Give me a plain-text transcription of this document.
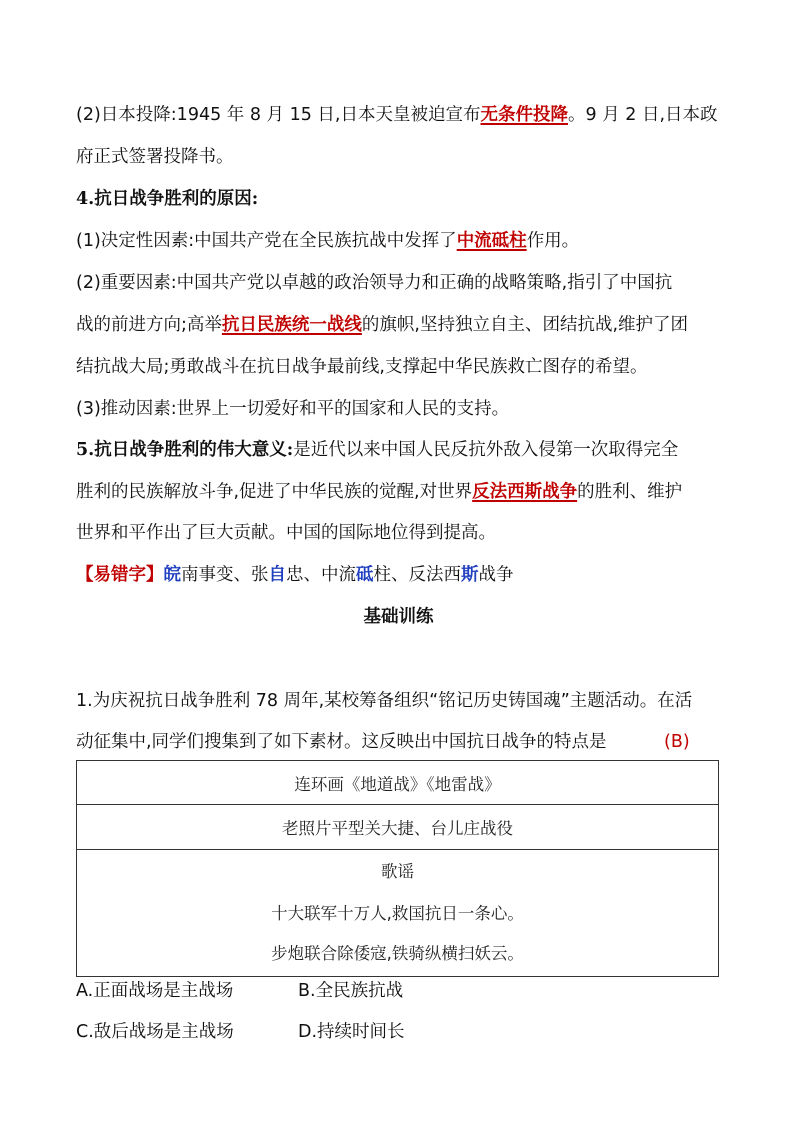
(2)日本投降:1945 年 8 月 15 日,日本天皇被迫宣布无条件投降。9 月 2 日,日本政
府正式签署投降书。
4.抗日战争胜利的原因:
(1)决定性因素:中国共产党在全民族抗战中发挥了中流砥柱作用。
(2)重要因素:中国共产党以卓越的政治领导力和正确的战略策略,指引了中国抗
战的前进方向;高举抗日民族统一战线的旗帜,坚持独立自主、团结抗战,维护了团
结抗战大局;勇敢战斗在抗日战争最前线,支撑起中华民族救亡图存的希望。
(3)推动因素:世界上一切爱好和平的国家和人民的支持。
5.抗日战争胜利的伟大意义:是近代以来中国人民反抗外敌入侵第一次取得完全
胜利的民族解放斗争,促进了中华民族的觉醒,对世界反法西斯战争的胜利、维护
世界和平作出了巨大贡献。中国的国际地位得到提高。
【易错字】皖南事变、张自忠、中流砥柱、反法西斯战争
基础训练
1.为庆祝抗日战争胜利 78 周年,某校筹备组织“铭记历史铸国魂”主题活动。在活
动征集中,同学们搜集到了如下素材。这反映出中国抗日战争的特点是	(B)
连环画《地道战》《地雷战》
老照片平型关大捷、台儿庄战役

歌谣
十大联军十万人,救国抗日一条心。
步炮联合除倭寇,铁骑纵横扫妖云。
A.正面战场是主战场	B.全民族抗战
C.敌后战场是主战场	D.持续时间长
